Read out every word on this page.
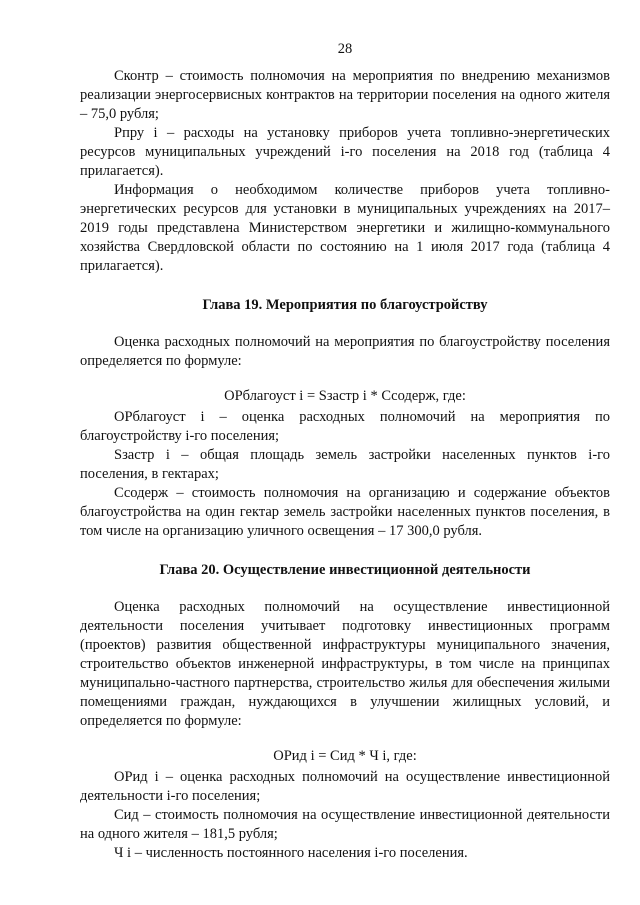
28

Сконтр – стоимость полномочия на мероприятия по внедрению механизмов реализации энергосервисных контрактов на территории поселения на одного жителя – 75,0 рубля;

Рпру i – расходы на установку приборов учета топливно-энергетических ресурсов муниципальных учреждений i-го поселения на 2018 год (таблица 4 прилагается).

Информация о необходимом количестве приборов учета топливно-энергетических ресурсов для установки в муниципальных учреждениях на 2017–2019 годы представлена Министерством энергетики и жилищно-коммунального хозяйства Свердловской области по состоянию на 1 июля 2017 года (таблица 4 прилагается).

Глава 19. Мероприятия по благоустройству

Оценка расходных полномочий на мероприятия по благоустройству поселения определяется по формуле:

ОРблагоуст i = Sзастр i * Ссодерж, где:

ОРблагоуст i – оценка расходных полномочий на мероприятия по благоустройству i-го поселения;

Sзастр i – общая площадь земель застройки населенных пунктов i-го поселения, в гектарах;

Ссодерж – стоимость полномочия на организацию и содержание объектов благоустройства на один гектар земель застройки населенных пунктов поселения, в том числе на организацию уличного освещения – 17 300,0 рубля.

Глава 20. Осуществление инвестиционной деятельности

Оценка расходных полномочий на осуществление инвестиционной деятельности поселения учитывает подготовку инвестиционных программ (проектов) развития общественной инфраструктуры муниципального значения, строительство объектов инженерной инфраструктуры, в том числе на принципах муниципально-частного партнерства, строительство жилья для обеспечения жилыми помещениями граждан, нуждающихся в улучшении жилищных условий, и определяется по формуле:

ОРид i = Сид * Ч i, где:

ОРид i – оценка расходных полномочий на осуществление инвестиционной деятельности i-го поселения;

Сид – стоимость полномочия на осуществление инвестиционной деятельности на одного жителя – 181,5 рубля;

Ч i – численность постоянного населения i-го поселения.
